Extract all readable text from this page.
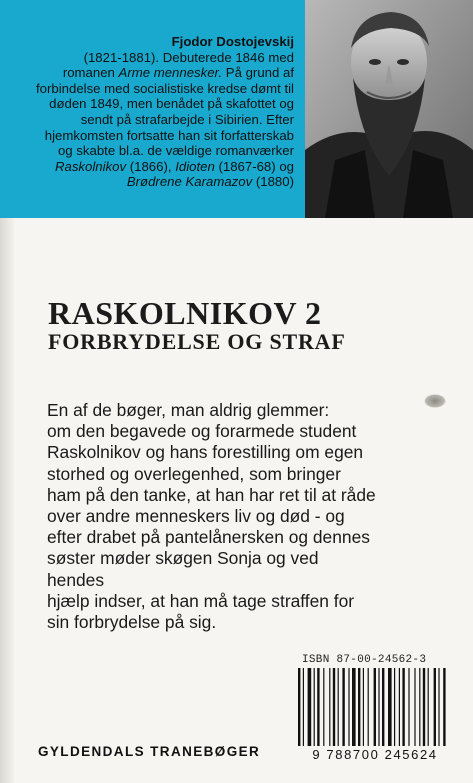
Fjodor Dostojevskij
(1821-1881). Debuterede 1846 med romanen Arme mennesker. På grund af forbindelse med socialistiske kredse dømt til døden 1849, men benådet på skafottet og sendt på strafarbejde i Sibirien. Efter hjemkomsten fortsatte han sit forfatterskab og skabte bl.a. de vældige romanværker Raskolnikov (1866), Idioten (1867-68) og Brødrene Karamazov (1880)
RASKOLNIKOV 2
FORBRYDELSE OG STRAF
En af de bøger, man aldrig glemmer:
om den begavede og forarmede student
Raskolnikov og hans forestilling om egen
storhed og overlegenhed, som bringer
ham på den tanke, at han har ret til at råde
over andre menneskers liv og død - og
efter drabet på pantelånersken og dennes
søster møder skøgen Sonja og ved hendes
hjælp indser, at han må tage straffen for
sin forbrydelse på sig.
ISBN 87-00-24562-3
9 788700 245624
GYLDENDALS TRANEBØGER
